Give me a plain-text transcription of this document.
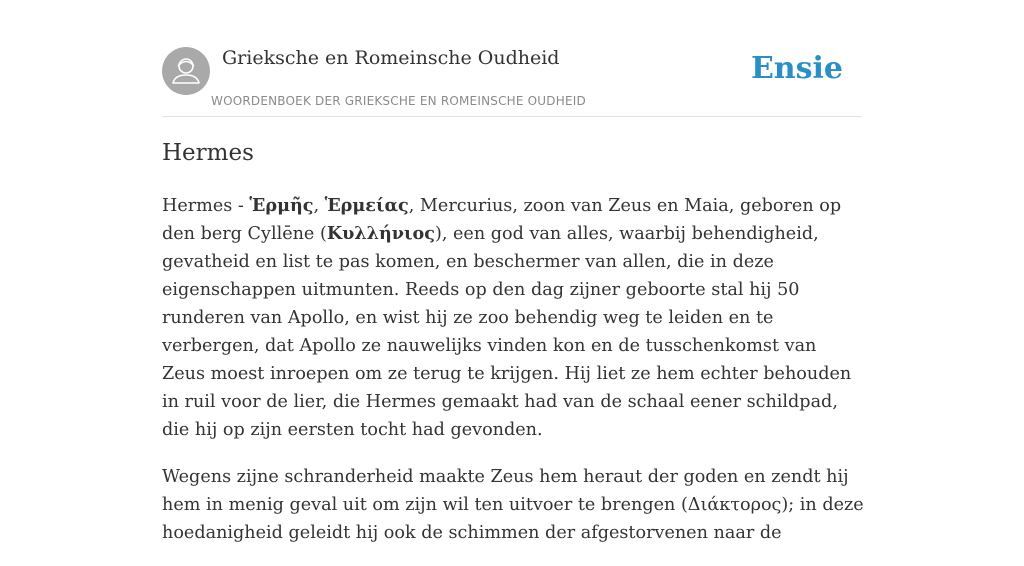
Grieksche en Romeinsche Oudheid
WOORDENBOEK DER GRIEKSCHE EN ROMEINSCHE OUDHEID
Ensie
Hermes

Hermes - Ἑρμῆς, Ἑρμείας, Mercurius, zoon van Zeus en Maia, geboren op den berg Cyllēne (Κυλλήνιος), een god van alles, waarbij behendigheid, gevatheid en list te pas komen, en beschermer van allen, die in deze eigenschappen uitmunten. Reeds op den dag zijner geboorte stal hij 50 runderen van Apollo, en wist hij ze zoo behendig weg te leiden en te verbergen, dat Apollo ze nauwelijks vinden kon en de tusschenkomst van Zeus moest inroepen om ze terug te krijgen. Hij liet ze hem echter behouden in ruil voor de lier, die Hermes gemaakt had van de schaal eener schildpad, die hij op zijn eersten tocht had gevonden.

Wegens zijne schranderheid maakte Zeus hem heraut der goden en zendt hij hem in menig geval uit om zijn wil ten uitvoer te brengen (Διάκτορος); in deze hoedanigheid geleidt hij ook de schimmen der afgestorvenen naar de
